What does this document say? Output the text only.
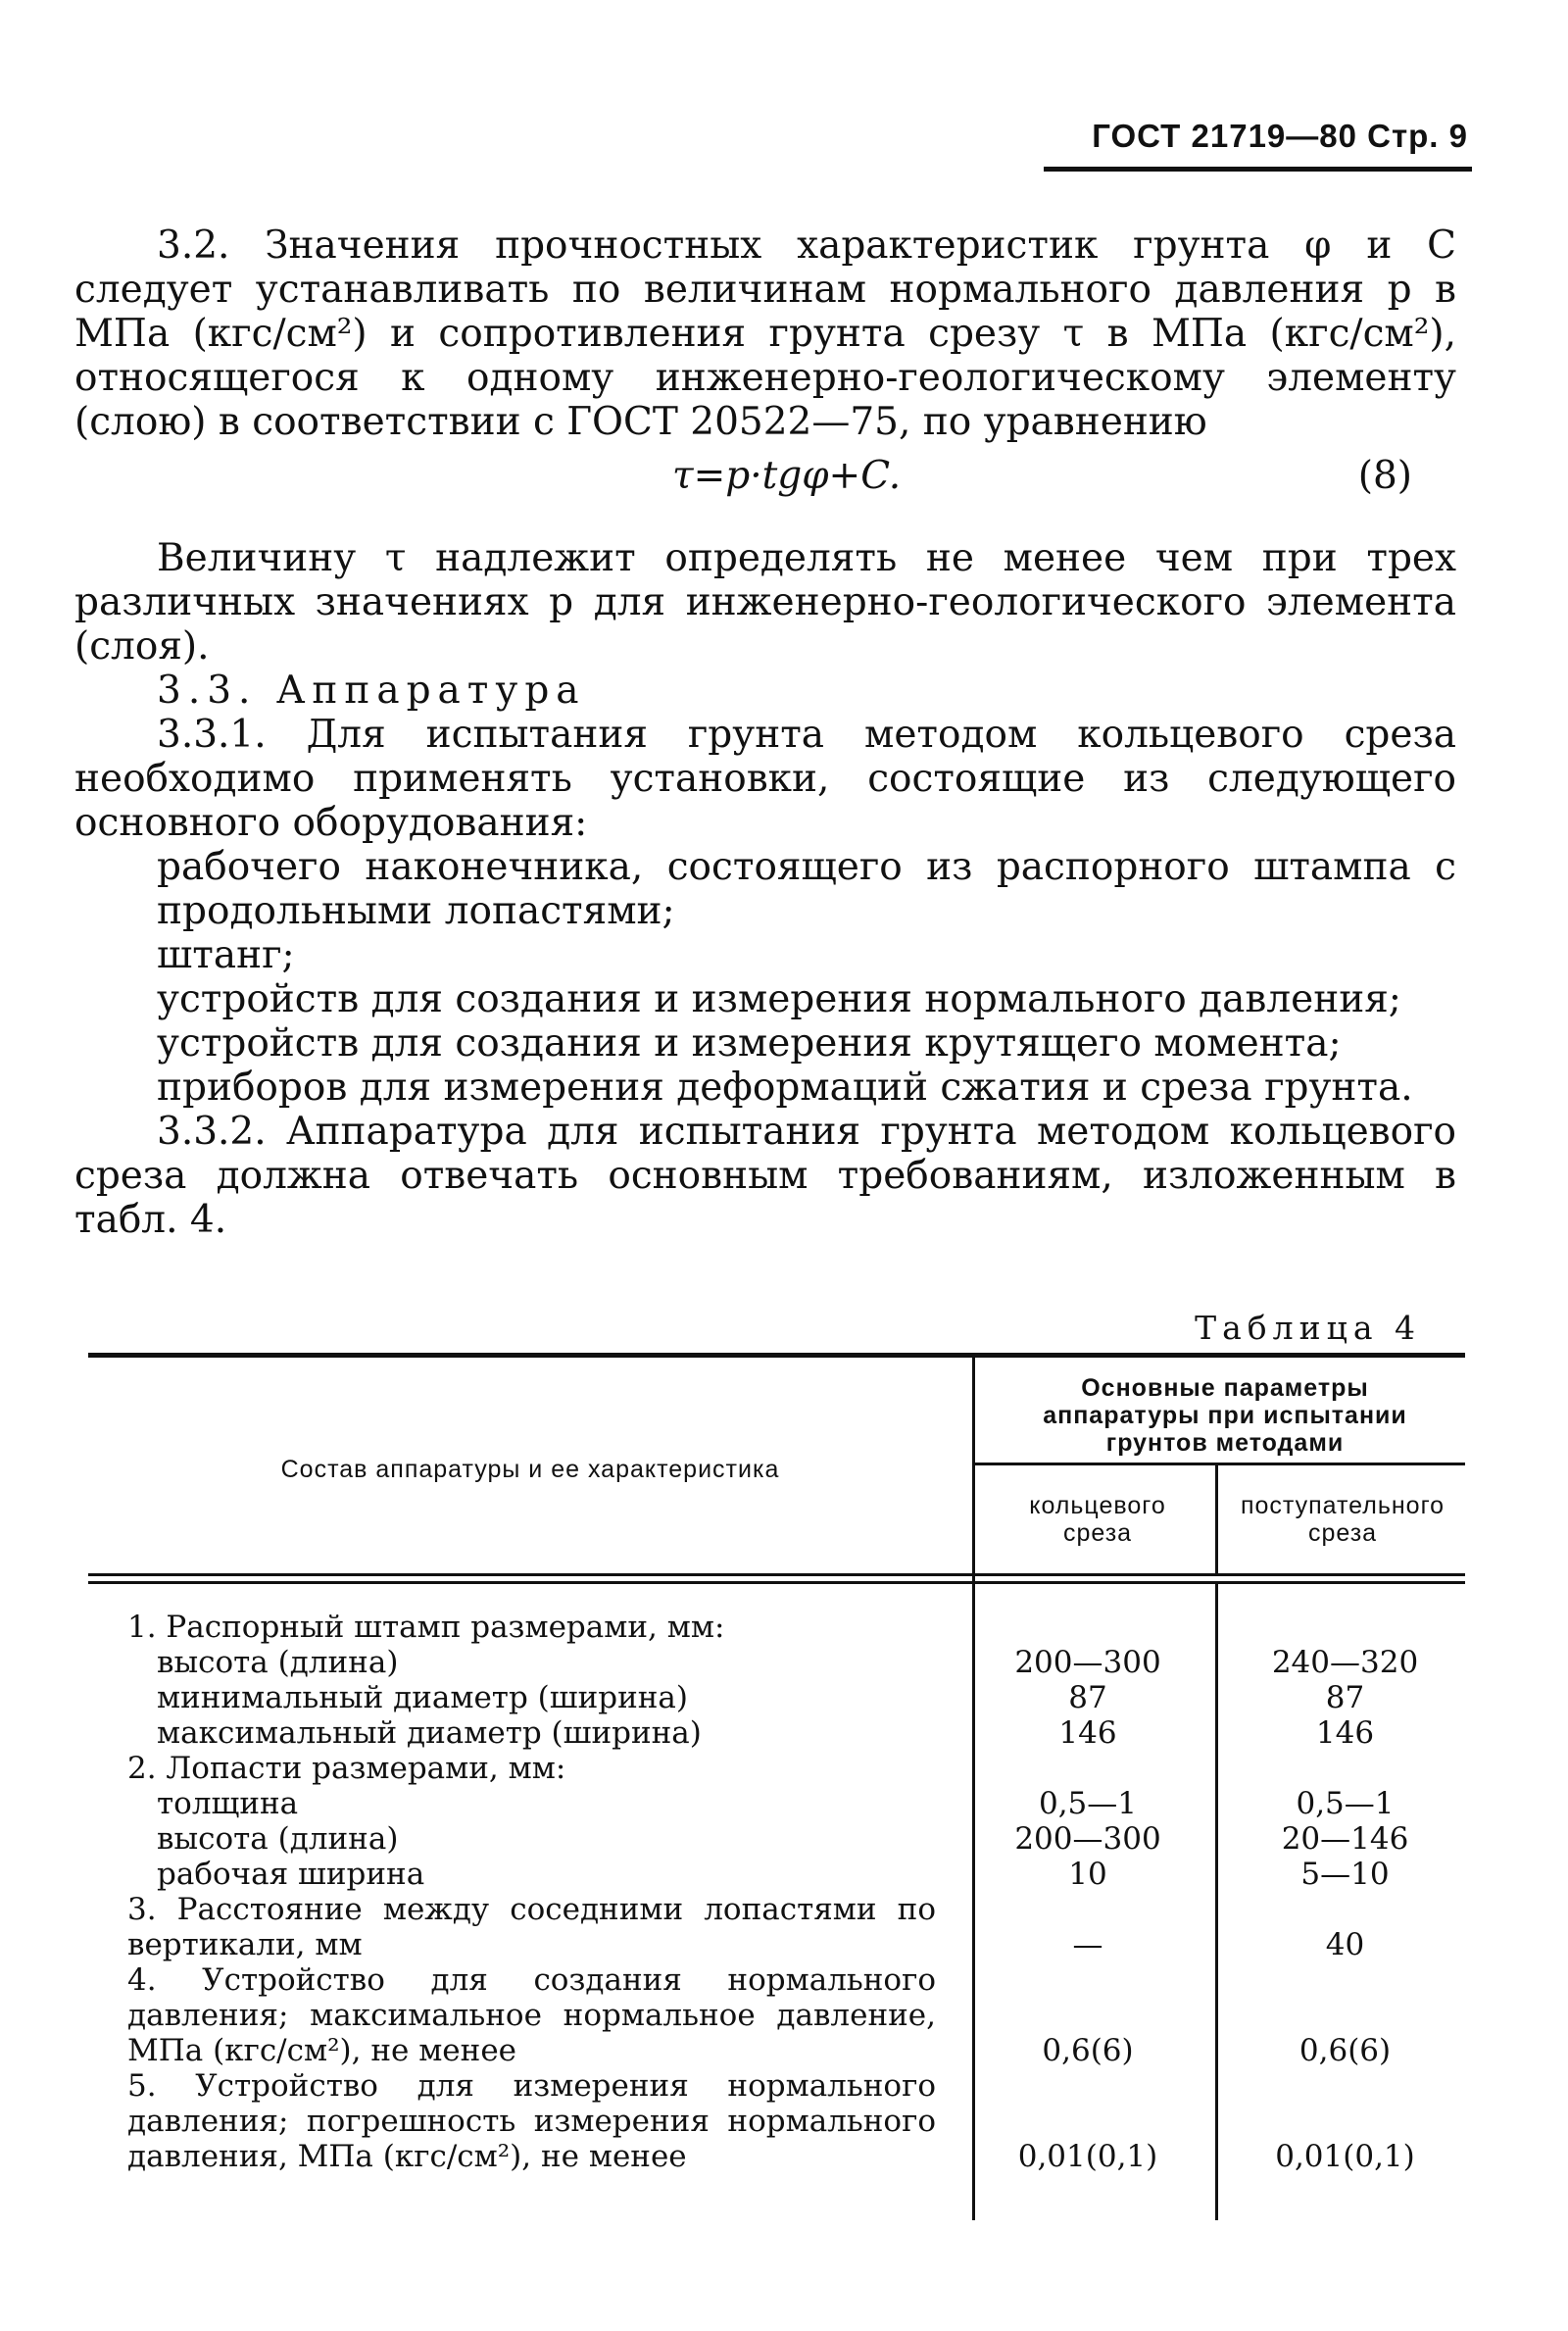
ГОСТ 21719—80 Стр. 9

3.2. Значения прочностных характеристик грунта φ и C следует устанавливать по величинам нормального давления p в МПа (кгс/см²) и сопротивления грунта срезу τ в МПа (кгс/см²), относящегося к одному инженерно-геологическому элементу (слою) в соответствии с ГОСТ 20522—75, по уравнению

τ=p·tgφ+C.	(8)

Величину τ надлежит определять не менее чем при трех различных значениях p для инженерно-геологического элемента (слоя).

3.3. Аппаратура

3.3.1. Для испытания грунта методом кольцевого среза необходимо применять установки, состоящие из следующего основного оборудования:

рабочего наконечника, состоящего из распорного штампа с продольными лопастями;

штанг;

устройств для создания и измерения нормального давления;

устройств для создания и измерения крутящего момента;

приборов для измерения деформаций сжатия и среза грунта.

3.3.2. Аппаратура для испытания грунта методом кольцевого среза должна отвечать основным требованиям, изложенным в табл. 4.

Таблица 4
Состав аппаратуры и ее характеристика
Основные параметры аппаратуры при испытании грунтов методами
кольцевого среза
поступательного среза
1. Распорный штамп размерами, мм:
высота (длина)	200—300	240—320
минимальный диаметр (ширина)	87	87
максимальный диаметр (ширина)	146	146
2. Лопасти размерами, мм:
толщина	0,5—1	0,5—1
высота (длина)	200—300	20—146
рабочая ширина	10	5—10
3. Расстояние между соседними лопастями по вертикали, мм	—	40
4. Устройство для создания нормального давления; максимальное нормальное давление, МПа (кгс/см²), не менее	0,6(6)	0,6(6)
5. Устройство для измерения нормального давления; погрешность измерения нормального давления, МПа (кгс/см²), не менее	0,01(0,1)	0,01(0,1)
